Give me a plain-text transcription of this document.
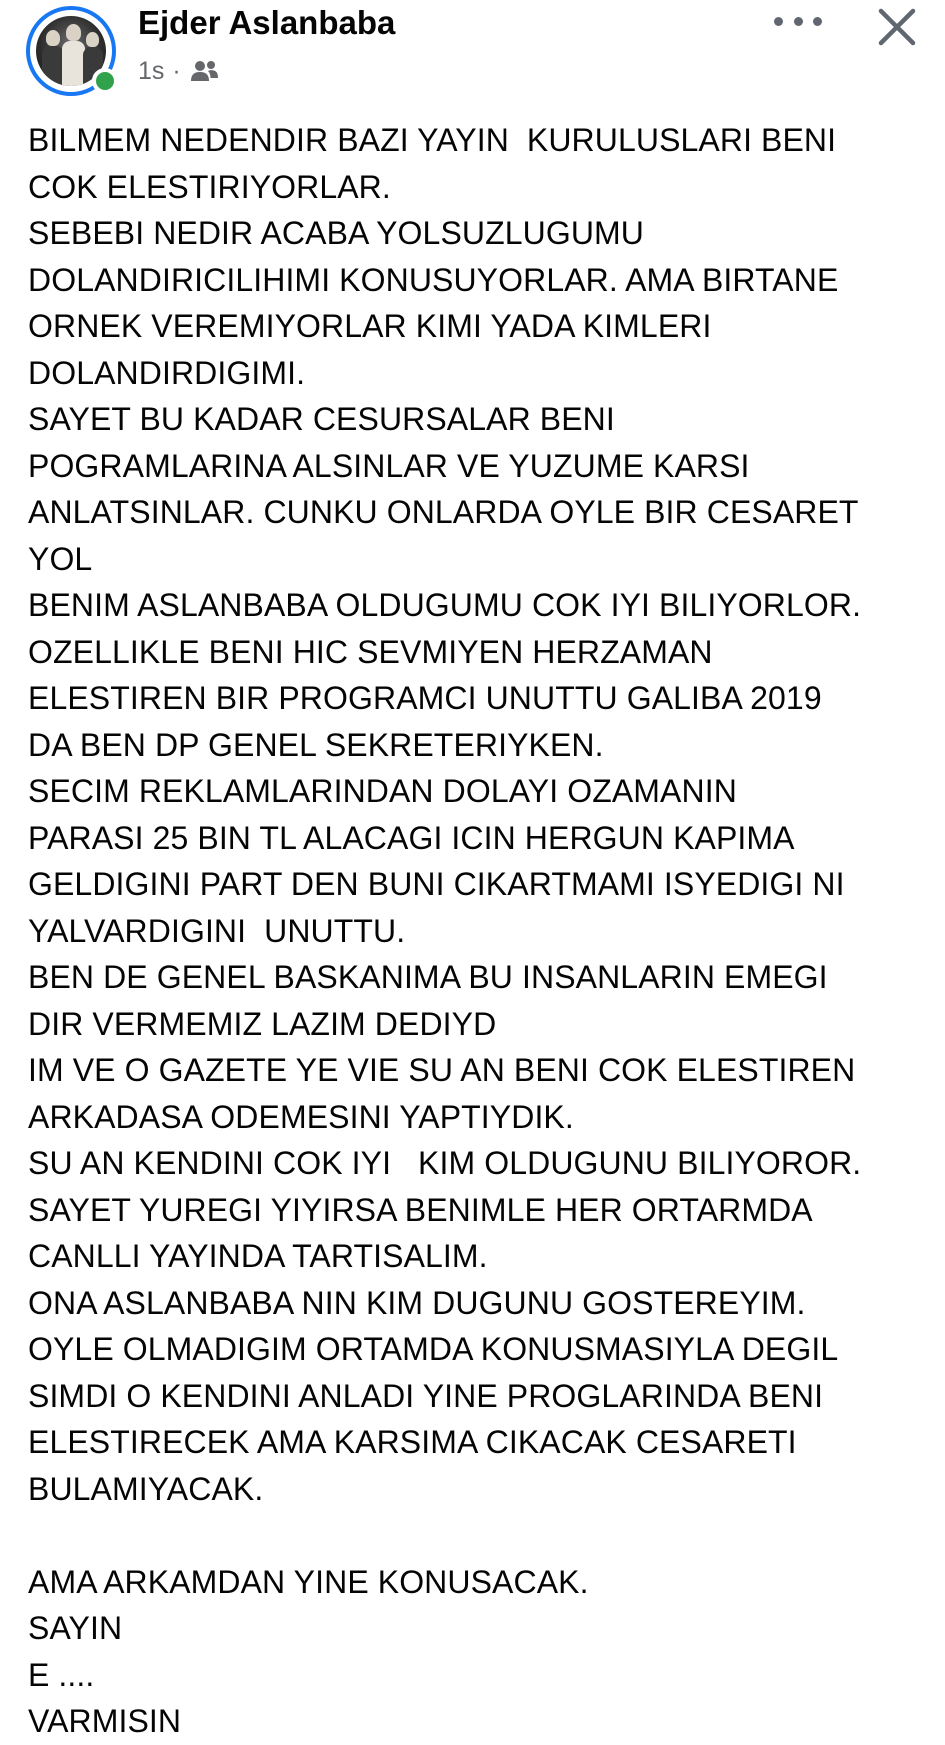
Ejder Aslanbaba
1s ·
BILMEM NEDENDIR BAZI YAYIN  KURULUSLARI BENI
COK ELESTIRIYORLAR.
SEBEBI NEDIR ACABA YOLSUZLUGUMU
DOLANDIRICILIHIMI KONUSUYORLAR. AMA BIRTANE
ORNEK VEREMIYORLAR KIMI YADA KIMLERI
DOLANDIRDIGIMI.
SAYET BU KADAR CESURSALAR BENI
POGRAMLARINA ALSINLAR VE YUZUME KARSI
ANLATSINLAR. CUNKU ONLARDA OYLE BIR CESARET
YOL
BENIM ASLANBABA OLDUGUMU COK IYI BILIYORLOR.
OZELLIKLE BENI HIC SEVMIYEN HERZAMAN
ELESTIREN BIR PROGRAMCI UNUTTU GALIBA 2019
DA BEN DP GENEL SEKRETERIYKEN.
SECIM REKLAMLARINDAN DOLAYI OZAMANIN
PARASI 25 BIN TL ALACAGI ICIN HERGUN KAPIMA
GELDIGINI PART DEN BUNI CIKARTMAMI ISYEDIGI NI
YALVARDIGINI  UNUTTU.
BEN DE GENEL BASKANIMA BU INSANLARIN EMEGI
DIR VERMEMIZ LAZIM DEDIYD
IM VE O GAZETE YE VIE SU AN BENI COK ELESTIREN
ARKADASA ODEMESINI YAPTIYDIK.
SU AN KENDINI COK IYI   KIM OLDUGUNU BILIYOROR.
SAYET YUREGI YIYIRSA BENIMLE HER ORTARMDA
CANLLI YAYINDA TARTISALIM.
ONA ASLANBABA NIN KIM DUGUNU GOSTEREYIM.
OYLE OLMADIGIM ORTAMDA KONUSMASIYLA DEGIL
SIMDI O KENDINI ANLADI YINE PROGLARINDA BENI
ELESTIRECEK AMA KARSIMA CIKACAK CESARETI
BULAMIYACAK.
AMA ARKAMDAN YINE KONUSACAK.
SAYIN
E ....
VARMISIN
